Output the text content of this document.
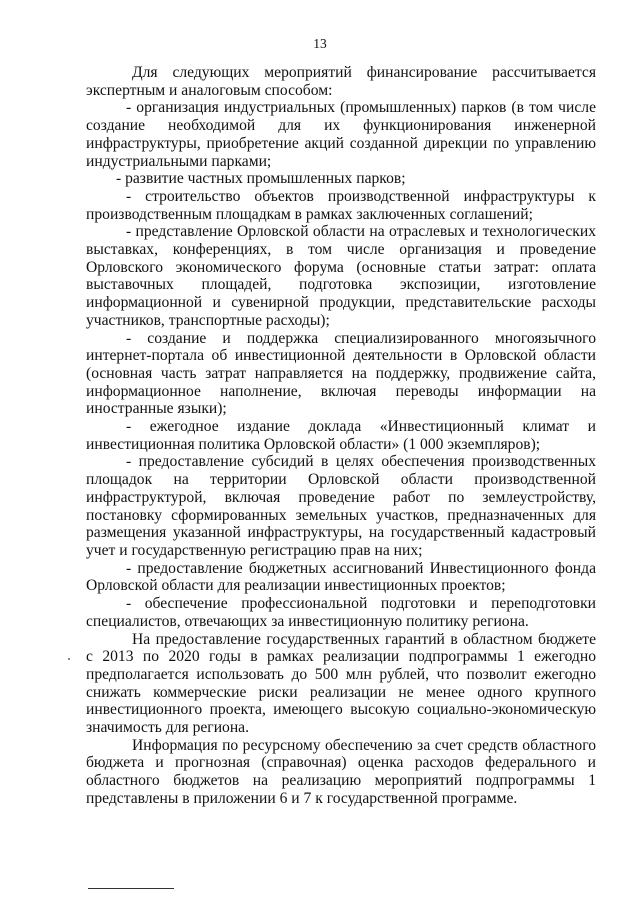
13

Для следующих мероприятий финансирование рассчитывается экспертным и аналоговым способом:

- организация индустриальных (промышленных) парков (в том числе создание необходимой для их функционирования инженерной инфраструктуры, приобретение акций созданной дирекции по управлению индустриальными парками;

- развитие частных промышленных парков;

- строительство объектов производственной инфраструктуры к производственным площадкам в рамках заключенных соглашений;

- представление Орловской области на отраслевых и технологических выставках, конференциях, в том числе организация и проведение Орловского экономического форума (основные статьи затрат: оплата выставочных площадей, подготовка экспозиции, изготовление информационной и сувенирной продукции, представительские расходы участников, транспортные расходы);

- создание и поддержка специализированного многоязычного интернет-портала об инвестиционной деятельности в Орловской области (основная часть затрат направляется на поддержку, продвижение сайта, информационное наполнение, включая переводы информации на иностранные языки);

- ежегодное издание доклада «Инвестиционный климат и инвестиционная политика Орловской области» (1 000 экземпляров);

- предоставление субсидий в целях обеспечения производственных площадок на территории Орловской области производственной инфраструктурой, включая проведение работ по землеустройству, постановку сформированных земельных участков, предназначенных для размещения указанной инфраструктуры, на государственный кадастровый учет и государственную регистрацию прав на них;

- предоставление бюджетных ассигнований Инвестиционного фонда Орловской области для реализации инвестиционных проектов;

- обеспечение профессиональной подготовки и переподготовки специалистов, отвечающих за инвестиционную политику региона.

На предоставление государственных гарантий в областном бюджете с 2013 по 2020 годы в рамках реализации подпрограммы 1 ежегодно предполагается использовать до 500 млн рублей, что позволит ежегодно снижать коммерческие риски реализации не менее одного крупного инвестиционного проекта, имеющего высокую социально-экономическую значимость для региона.

Информация по ресурсному обеспечению за счет средств областного бюджета и прогнозная (справочная) оценка расходов федерального и областного бюджетов на реализацию мероприятий подпрограммы 1 представлены в приложении 6 и 7 к государственной программе.
